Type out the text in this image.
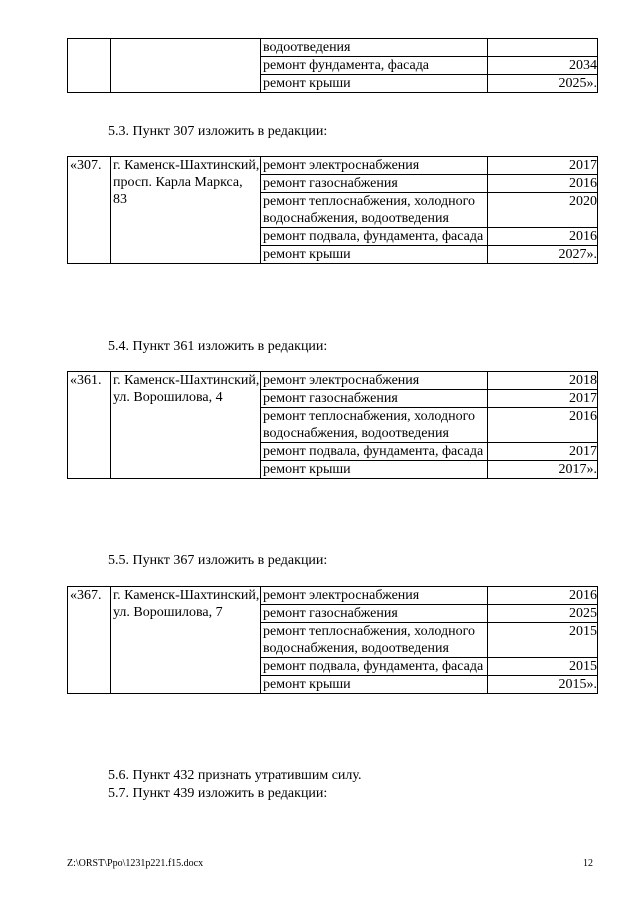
		водоотведения	
		ремонт фундамента, фасада	2034
		ремонт крыши	2025».
5.3. Пункт 307 изложить в редакции:
«307.	г. Каменск-Шахтинский, просп. Карла Маркса, 83	ремонт электроснабжения	2017
		ремонт газоснабжения	2016
		ремонт теплоснабжения, холодного водоснабжения, водоотведения	2020
		ремонт подвала, фундамента, фасада	2016
		ремонт крыши	2027».
5.4. Пункт 361 изложить в редакции:
«361.	г. Каменск-Шахтинский, ул. Ворошилова, 4	ремонт электроснабжения	2018
		ремонт газоснабжения	2017
		ремонт теплоснабжения, холодного водоснабжения, водоотведения	2016
		ремонт подвала, фундамента, фасада	2017
		ремонт крыши	2017».
5.5. Пункт 367 изложить в редакции:
«367.	г. Каменск-Шахтинский, ул. Ворошилова, 7	ремонт электроснабжения	2016
		ремонт газоснабжения	2025
		ремонт теплоснабжения, холодного водоснабжения, водоотведения	2015
		ремонт подвала, фундамента, фасада	2015
		ремонт крыши	2015».
5.6. Пункт 432 признать утратившим силу.
5.7. Пункт 439 изложить в редакции:
Z:\ORST\Ppo\1231p221.f15.docx	12
